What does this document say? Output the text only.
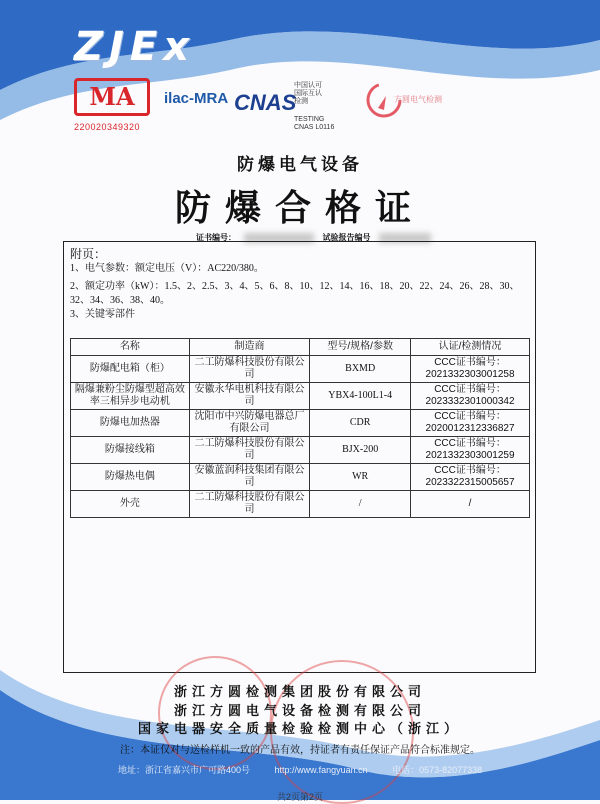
ZJEx
MA
220020349320
ilac-MRA CNAS
中国认可
国际互认
检测
TESTING
CNAS L0116
方圆电气检测
防爆电气设备
防爆合格证
证书编号：	试验报告编号
附页：
1、电气参数：额定电压（V）：AC220/380。
2、额定功率（kW）：1.5、2、2.5、3、4、5、6、8、10、12、14、16、18、20、22、24、26、28、30、32、34、36、38、40。
3、关键零部件
名称	制造商	型号/规格/参数	认证/检测情况
防爆配电箱（柜）	二工防爆科技股份有限公司	BXMD	CCC证书编号：2021332303001258
隔爆兼粉尘防爆型超高效率三相异步电动机	安徽永华电机科技有限公司	YBX4-100L1-4	CCC证书编号：2023332301000342
防爆电加热器	沈阳市中兴防爆电器总厂有限公司	CDR	CCC证书编号：2020012312336827
防爆接线箱	二工防爆科技股份有限公司	BJX-200	CCC证书编号：2021332303001259
防爆热电偶	安徽蓝润科技集团有限公司	WR	CCC证书编号：2023322315005657
外壳	二工防爆科技股份有限公司	/	/
浙江方圆检测集团股份有限公司
浙江方圆电气设备检测有限公司
国家电器安全质量检验检测中心（浙江）
注：本证仅对与送检样机一致的产品有效，持证者有责任保证产品符合标准规定。
地址：浙江省嘉兴市广可路400号	http://www.fangyuan.cn	电话：0573-82077338
共2页第2页
